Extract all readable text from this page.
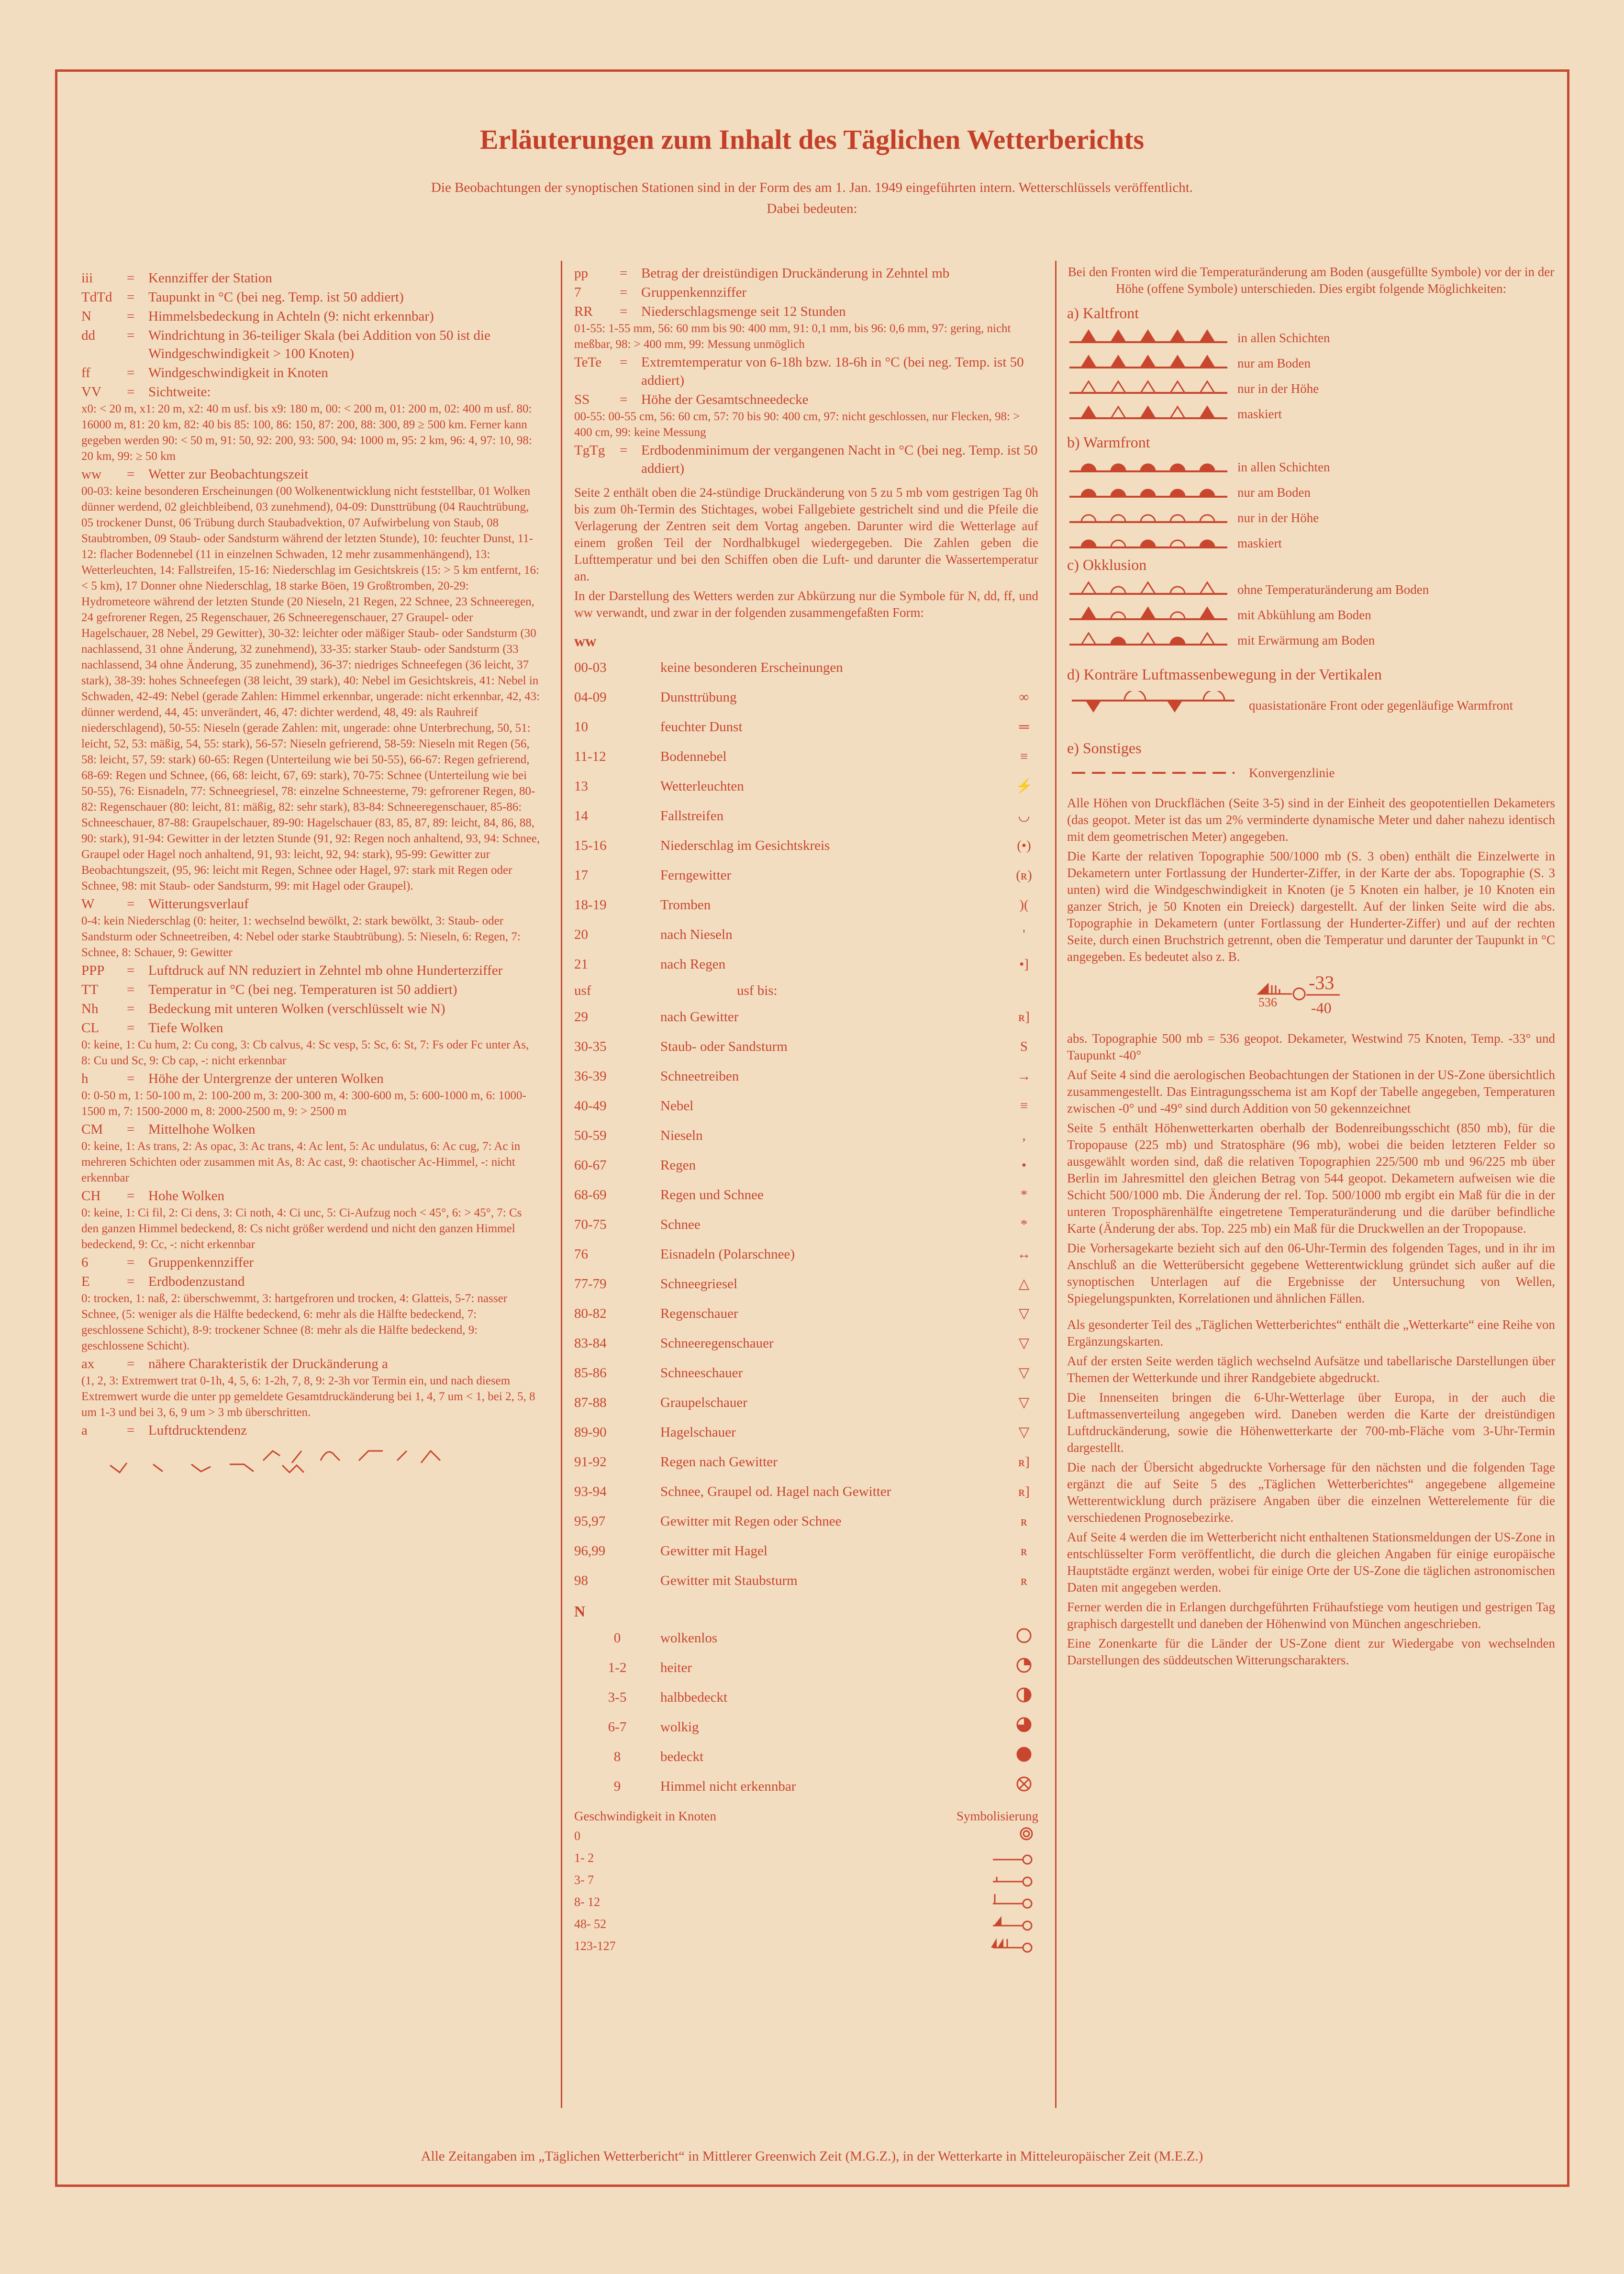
Erläuterungen zum Inhalt des Täglichen Wetterberichts
Die Beobachtungen der synoptischen Stationen sind in der Form des am 1. Jan. 1949 eingeführten intern. Wetterschlüssels veröffentlicht.
Dabei bedeuten:
iii	= Kennziffer der Station
TdTd	= Taupunkt in °C (bei neg. Temp. ist 50 addiert)
N	= Himmelsbedeckung in Achteln (9: nicht erkennbar)
dd	= Windrichtung in 36-teiliger Skala (bei Addition von 50 ist die Windgeschwindigkeit > 100 Knoten)
ff	= Windgeschwindigkeit in Knoten
VV	= Sichtweite:
x0: < 20 m, x1: 20 m, x2: 40 m usf. bis x9: 180 m, 00: < 200 m, 01: 200 m, 02: 400 m usf. 80: 16000 m, 81: 20 km, 82: 40 bis 85: 100, 86: 150, 87: 200, 88: 300, 89 ≥ 500 km. Ferner kann gegeben werden 90: < 50 m, 91: 50, 92: 200, 93: 500, 94: 1000 m, 95: 2 km, 96: 4, 97: 10, 98: 20 km, 99: ≥ 50 km
ww	= Wetter zur Beobachtungszeit
00-03: keine besonderen Erscheinungen (00 Wolkenentwicklung nicht feststellbar, 01 Wolken dünner werdend, 02 gleichbleibend, 03 zunehmend), 04-09: Dunsttrübung (04 Rauchtrübung, 05 trockener Dunst, 06 Trübung durch Staubadvektion, 07 Aufwirbelung von Staub, 08 Staubtromben, 09 Staub- oder Sandsturm während der letzten Stunde), 10: feuchter Dunst, 11-12: flacher Bodennebel (11 in einzelnen Schwaden, 12 mehr zusammenhängend), 13: Wetterleuchten, 14: Fallstreifen, 15-16: Niederschlag im Gesichtskreis (15: > 5 km entfernt, 16: < 5 km), 17 Donner ohne Niederschlag, 18 starke Böen, 19 Großtromben, 20-29: Hydrometeore während der letzten Stunde (20 Nieseln, 21 Regen, 22 Schnee, 23 Schneeregen, 24 gefrorener Regen, 25 Regenschauer, 26 Schneeregenschauer, 27 Graupel- oder Hagelschauer, 28 Nebel, 29 Gewitter), 30-32: leichter oder mäßiger Staub- oder Sandsturm (30 nachlassend, 31 ohne Änderung, 32 zunehmend), 33-35: starker Staub- oder Sandsturm (33 nachlassend, 34 ohne Änderung, 35 zunehmend), 36-37: niedriges Schneefegen (36 leicht, 37 stark), 38-39: hohes Schneefegen (38 leicht, 39 stark), 40: Nebel im Gesichtskreis, 41: Nebel in Schwaden, 42-49: Nebel (gerade Zahlen: Himmel erkennbar, ungerade: nicht erkennbar, 42, 43: dünner werdend, 44, 45: unverändert, 46, 47: dichter werdend, 48, 49: als Rauhreif niederschlagend), 50-55: Nieseln (gerade Zahlen: mit, ungerade: ohne Unterbrechung, 50, 51: leicht, 52, 53: mäßig, 54, 55: stark), 56-57: Nieseln gefrierend, 58-59: Nieseln mit Regen (56, 58: leicht, 57, 59: stark) 60-65: Regen (Unterteilung wie bei 50-55), 66-67: Regen gefrierend, 68-69: Regen und Schnee, (66, 68: leicht, 67, 69: stark), 70-75: Schnee (Unterteilung wie bei 50-55), 76: Eisnadeln, 77: Schneegriesel, 78: einzelne Schneesterne, 79: gefrorener Regen, 80-82: Regenschauer (80: leicht, 81: mäßig, 82: sehr stark), 83-84: Schneeregenschauer, 85-86: Schneeschauer, 87-88: Graupelschauer, 89-90: Hagelschauer (83, 85, 87, 89: leicht, 84, 86, 88, 90: stark), 91-94: Gewitter in der letzten Stunde (91, 92: Regen noch anhaltend, 93, 94: Schnee, Graupel oder Hagel noch anhaltend, 91, 93: leicht, 92, 94: stark), 95-99: Gewitter zur Beobachtungszeit, (95, 96: leicht mit Regen, Schnee oder Hagel, 97: stark mit Regen oder Schnee, 98: mit Staub- oder Sandsturm, 99: mit Hagel oder Graupel).
W	= Witterungsverlauf
0-4: kein Niederschlag (0: heiter, 1: wechselnd bewölkt, 2: stark bewölkt, 3: Staub- oder Sandsturm oder Schneetreiben, 4: Nebel oder starke Staubtrübung). 5: Nieseln, 6: Regen, 7: Schnee, 8: Schauer, 9: Gewitter
PPP	= Luftdruck auf NN reduziert in Zehntel mb ohne Hunderterziffer
TT	= Temperatur in °C (bei neg. Temperaturen ist 50 addiert)
Nh	= Bedeckung mit unteren Wolken (verschlüsselt wie N)
CL	= Tiefe Wolken
0: keine, 1: Cu hum, 2: Cu cong, 3: Cb calvus, 4: Sc vesp, 5: Sc, 6: St, 7: Fs oder Fc unter As, 8: Cu und Sc, 9: Cb cap, -: nicht erkennbar
h	= Höhe der Untergrenze der unteren Wolken
0: 0-50 m, 1: 50-100 m, 2: 100-200 m, 3: 200-300 m, 4: 300-600 m, 5: 600-1000 m, 6: 1000-1500 m, 7: 1500-2000 m, 8: 2000-2500 m, 9: > 2500 m
CM	= Mittelhohe Wolken
0: keine, 1: As trans, 2: As opac, 3: Ac trans, 4: Ac lent, 5: Ac undulatus, 6: Ac cug, 7: Ac in mehreren Schichten oder zusammen mit As, 8: Ac cast, 9: chaotischer Ac-Himmel, -: nicht erkennbar
CH	= Hohe Wolken
0: keine, 1: Ci fil, 2: Ci dens, 3: Ci noth, 4: Ci unc, 5: Ci-Aufzug noch < 45°, 6: > 45°, 7: Cs den ganzen Himmel bedeckend, 8: Cs nicht größer werdend und nicht den ganzen Himmel bedeckend, 9: Cc, -: nicht erkennbar
6	= Gruppenkennziffer
E	= Erdbodenzustand
0: trocken, 1: naß, 2: überschwemmt, 3: hartgefroren und trocken, 4: Glatteis, 5-7: nasser Schnee, (5: weniger als die Hälfte bedeckend, 6: mehr als die Hälfte bedeckend, 7: geschlossene Schicht), 8-9: trockener Schnee (8: mehr als die Hälfte bedeckend, 9: geschlossene Schicht).
ax	= nähere Charakteristik der Druckänderung a
(1, 2, 3: Extremwert trat 0-1h, 4, 5, 6: 1-2h, 7, 8, 9: 2-3h vor Termin ein, und nach diesem Extremwert wurde die unter pp gemeldete Gesamtdruckänderung bei 1, 4, 7 um < 1, bei 2, 5, 8 um 1-3 und bei 3, 6, 9 um > 3 mb überschritten.
a	= Luftdrucktendenz
pp	= Betrag der dreistündigen Druckänderung in Zehntel mb
7	= Gruppenkennziffer
RR	= Niederschlagsmenge seit 12 Stunden
01-55: 1-55 mm, 56: 60 mm bis 90: 400 mm, 91: 0,1 mm, bis 96: 0,6 mm, 97: gering, nicht meßbar, 98: > 400 mm, 99: Messung unmöglich
TeTe	= Extremtemperatur von 6-18h bzw. 18-6h in °C (bei neg. Temp. ist 50 addiert)
SS	= Höhe der Gesamtschneedecke
00-55: 00-55 cm, 56: 60 cm, 57: 70 bis 90: 400 cm, 97: nicht geschlossen, nur Flecken, 98: > 400 cm, 99: keine Messung
TgTg	= Erdbodenminimum der vergangenen Nacht in °C (bei neg. Temp. ist 50 addiert)
Seite 2 enthält oben die 24-stündige Druckänderung von 5 zu 5 mb vom gestrigen Tag 0h bis zum 0h-Termin des Stichtages, wobei Fallgebiete gestrichelt sind und die Pfeile die Verlagerung der Zentren seit dem Vortag angeben. Darunter wird die Wetterlage auf einem großen Teil der Nordhalbkugel wiedergegeben. Die Zahlen geben die Lufttemperatur und bei den Schiffen oben die Luft- und darunter die Wassertemperatur an.
In der Darstellung des Wetters werden zur Abkürzung nur die Symbole für N, dd, ff, und ww verwandt, und zwar in der folgenden zusammengefaßten Form:
ww
00-03	keine besonderen Erscheinungen
04-09	Dunsttrübung	∞
10	feuchter Dunst	═
11-12	Bodennebel	≡
13	Wetterleuchten	⚡
14	Fallstreifen	◡
15-16	Niederschlag im Gesichtskreis	(•)
17	Ferngewitter	(ʀ)
18-19	Tromben	)(
20	nach Nieseln	'
21	nach Regen	•]
usf	usf bis:
29	nach Gewitter	ʀ]
30-35	Staub- oder Sandsturm	S
36-39	Schneetreiben	→
40-49	Nebel	≡
50-59	Nieseln	,
60-67	Regen	•
68-69	Regen und Schnee	*
70-75	Schnee	*
76	Eisnadeln (Polarschnee)	↔
77-79	Schneegriesel	△
80-82	Regenschauer	▽
83-84	Schneeregenschauer	▽
85-86	Schneeschauer	▽
87-88	Graupelschauer	▽
89-90	Hagelschauer	▽
91-92	Regen nach Gewitter	ʀ]
93-94	Schnee, Graupel od. Hagel nach Gewitter	ʀ]
95,97	Gewitter mit Regen oder Schnee	ʀ
96,99	Gewitter mit Hagel	ʀ
98	Gewitter mit Staubsturm	ʀ
N
0	wolkenlos
1-2	heiter
3-5	halbbedeckt
6-7	wolkig
8	bedeckt
9	Himmel nicht erkennbar
Geschwindigkeit in Knoten	Symbolisierung
0
1- 2
3- 7
8- 12
48- 52
123-127
Bei den Fronten wird die Temperaturänderung am Boden (ausgefüllte Symbole) vor der in der Höhe (offene Symbole) unterschieden. Dies ergibt folgende Möglichkeiten:
a) Kaltfront
in allen Schichten
nur am Boden
nur in der Höhe
maskiert
b) Warmfront
in allen Schichten
nur am Boden
nur in der Höhe
maskiert
c) Okklusion
ohne Temperaturänderung am Boden
mit Abkühlung am Boden
mit Erwärmung am Boden
d) Konträre Luftmassenbewegung in der Vertikalen
quasistationäre Front oder gegenläufige Warmfront
e) Sonstiges
Konvergenzlinie
Alle Höhen von Druckflächen (Seite 3-5) sind in der Einheit des geopotentiellen Dekameters (das geopot. Meter ist das um 2% verminderte dynamische Meter und daher nahezu identisch mit dem geometrischen Meter) angegeben.
Die Karte der relativen Topographie 500/1000 mb (S. 3 oben) enthält die Einzelwerte in Dekametern unter Fortlassung der Hunderter-Ziffer, in der Karte der abs. Topographie (S. 3 unten) wird die Windgeschwindigkeit in Knoten (je 5 Knoten ein halber, je 10 Knoten ein ganzer Strich, je 50 Knoten ein Dreieck) dargestellt. Auf der linken Seite wird die abs. Topographie in Dekametern (unter Fortlassung der Hunderter-Ziffer) und auf der rechten Seite, durch einen Bruchstrich getrennt, oben die Temperatur und darunter der Taupunkt in °C angegeben. Es bedeutet also z. B.
536
-33
-40
abs. Topographie 500 mb = 536 geopot. Dekameter, Westwind 75 Knoten, Temp. -33° und Taupunkt -40°
Auf Seite 4 sind die aerologischen Beobachtungen der Stationen in der US-Zone übersichtlich zusammengestellt. Das Eintragungsschema ist am Kopf der Tabelle angegeben, Temperaturen zwischen -0° und -49° sind durch Addition von 50 gekennzeichnet
Seite 5 enthält Höhenwetterkarten oberhalb der Bodenreibungsschicht (850 mb), für die Tropopause (225 mb) und Stratosphäre (96 mb), wobei die beiden letzteren Felder so ausgewählt worden sind, daß die relativen Topographien 225/500 mb und 96/225 mb über Berlin im Jahresmittel den gleichen Betrag von 544 geopot. Dekametern aufweisen wie die Schicht 500/1000 mb. Die Änderung der rel. Top. 500/1000 mb ergibt ein Maß für die in der unteren Troposphärenhälfte eingetretene Temperaturänderung und die darüber befindliche Karte (Änderung der abs. Top. 225 mb) ein Maß für die Druckwellen an der Tropopause.
Die Vorhersagekarte bezieht sich auf den 06-Uhr-Termin des folgenden Tages, und in ihr im Anschluß an die Wetterübersicht gegebene Wetterentwicklung gründet sich außer auf die synoptischen Unterlagen auf die Ergebnisse der Untersuchung von Wellen, Spiegelungspunkten, Korrelationen und ähnlichen Fällen.
Als gesonderter Teil des „Täglichen Wetterberichtes“ enthält die „Wetterkarte“ eine Reihe von Ergänzungskarten.
Auf der ersten Seite werden täglich wechselnd Aufsätze und tabellarische Darstellungen über Themen der Wetterkunde und ihrer Randgebiete abgedruckt.
Die Innenseiten bringen die 6-Uhr-Wetterlage über Europa, in der auch die Luftmassenverteilung angegeben wird. Daneben werden die Karte der dreistündigen Luftdruckänderung, sowie die Höhenwetterkarte der 700-mb-Fläche vom 3-Uhr-Termin dargestellt.
Die nach der Übersicht abgedruckte Vorhersage für den nächsten und die folgenden Tage ergänzt die auf Seite 5 des „Täglichen Wetterberichtes“ angegebene allgemeine Wetterentwicklung durch präzisere Angaben über die einzelnen Wetterelemente für die verschiedenen Prognosebezirke.
Auf Seite 4 werden die im Wetterbericht nicht enthaltenen Stationsmeldungen der US-Zone in entschlüsselter Form veröffentlicht, die durch die gleichen Angaben für einige europäische Hauptstädte ergänzt werden, wobei für einige Orte der US-Zone die täglichen astronomischen Daten mit angegeben werden.
Ferner werden die in Erlangen durchgeführten Frühaufstiege vom heutigen und gestrigen Tag graphisch dargestellt und daneben der Höhenwind von München angeschrieben.
Eine Zonenkarte für die Länder der US-Zone dient zur Wiedergabe von wechselnden Darstellungen des süddeutschen Witterungscharakters.
Alle Zeitangaben im „Täglichen Wetterbericht“ in Mittlerer Greenwich Zeit (M.G.Z.), in der Wetterkarte in Mitteleuropäischer Zeit (M.E.Z.)
